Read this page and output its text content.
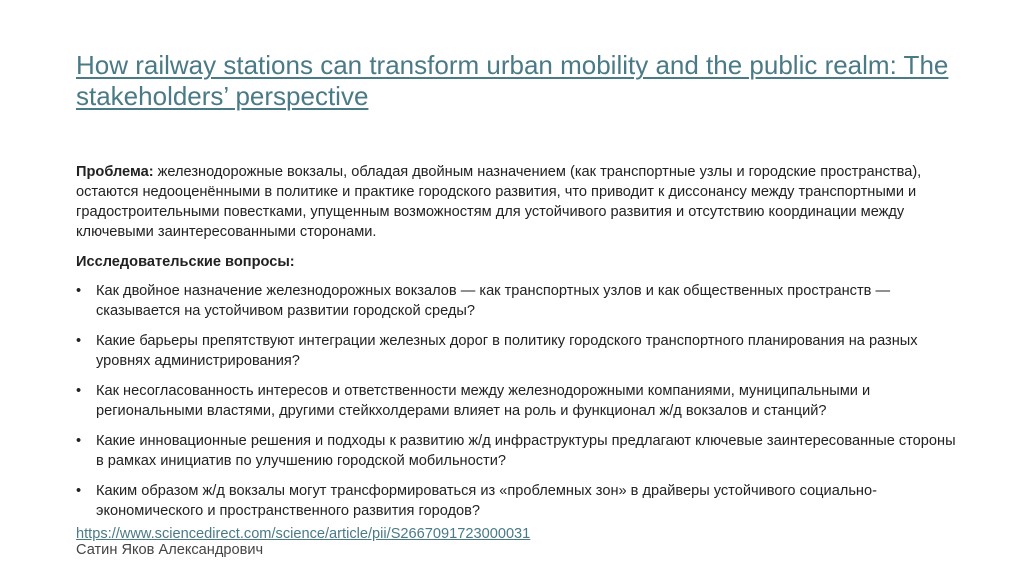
How railway stations can transform urban mobility and the public realm: The stakeholders’ perspective

Проблема: железнодорожные вокзалы, обладая двойным назначением (как транспортные узлы и городские пространства), остаются недооценёнными в политике и практике городского развития, что приводит к диссонансу между транспортными и градостроительными повестками, упущенным возможностям для устойчивого развития и отсутствию координации между ключевыми заинтересованными сторонами.

Исследовательские вопросы:
• Как двойное назначение железнодорожных вокзалов — как транспортных узлов и как общественных пространств — сказывается на устойчивом развитии городской среды?
• Какие барьеры препятствуют интеграции железных дорог в политику городского транспортного планирования на разных уровнях администрирования?
• Как несогласованность интересов и ответственности между железнодорожными компаниями, муниципальными и региональными властями, другими стейкхолдерами влияет на роль и функционал ж/д вокзалов и станций?
• Какие инновационные решения и подходы к развитию ж/д инфраструктуры предлагают ключевые заинтересованные стороны в рамках инициатив по улучшению городской мобильности?
• Каким образом ж/д вокзалы могут трансформироваться из «проблемных зон» в драйверы устойчивого социально-экономического и пространственного развития городов?
https://www.sciencedirect.com/science/article/pii/S2667091723000031
Сатин Яков Александрович
